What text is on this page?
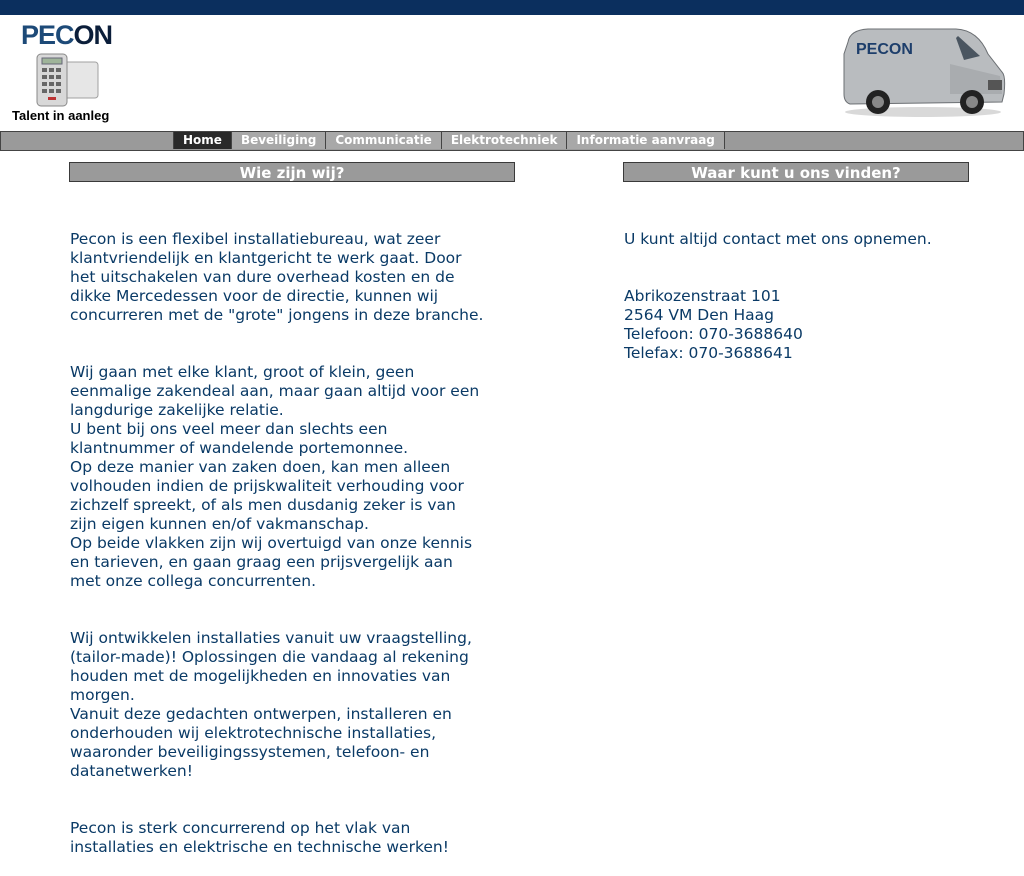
PECON
Talent in aanleg
PECON
Home	Beveiliging	Communicatie	Elektrotechniek	Informatie aanvraag
Wie zijn wij?	Waar kunt u ons vinden?

Pecon is een flexibel installatiebureau, wat zeer
klantvriendelijk en klantgericht te werk gaat. Door
het uitschakelen van dure overhead kosten en de
dikke Mercedessen voor de directie, kunnen wij
concurreren met de "grote" jongens in deze branche.

Wij gaan met elke klant, groot of klein, geen
eenmalige zakendeal aan, maar gaan altijd voor een
langdurige zakelijke relatie.
U bent bij ons veel meer dan slechts een
klantnummer of wandelende portemonnee.
Op deze manier van zaken doen, kan men alleen
volhouden indien de prijskwaliteit verhouding voor
zichzelf spreekt, of als men dusdanig zeker is van
zijn eigen kunnen en/of vakmanschap.
Op beide vlakken zijn wij overtuigd van onze kennis
en tarieven, en gaan graag een prijsvergelijk aan
met onze collega concurrenten.

Wij ontwikkelen installaties vanuit uw vraagstelling,
(tailor-made)! Oplossingen die vandaag al rekening
houden met de mogelijkheden en innovaties van
morgen.
Vanuit deze gedachten ontwerpen, installeren en
onderhouden wij elektrotechnische installaties,
waaronder beveiligingssystemen, telefoon- en
datanetwerken!

Pecon is sterk concurrerend op het vlak van
installaties en elektrische en technische werken!

U kunt altijd contact met ons opnemen.

Abrikozenstraat 101
2564 VM Den Haag
Telefoon: 070-3688640
Telefax: 070-3688641
